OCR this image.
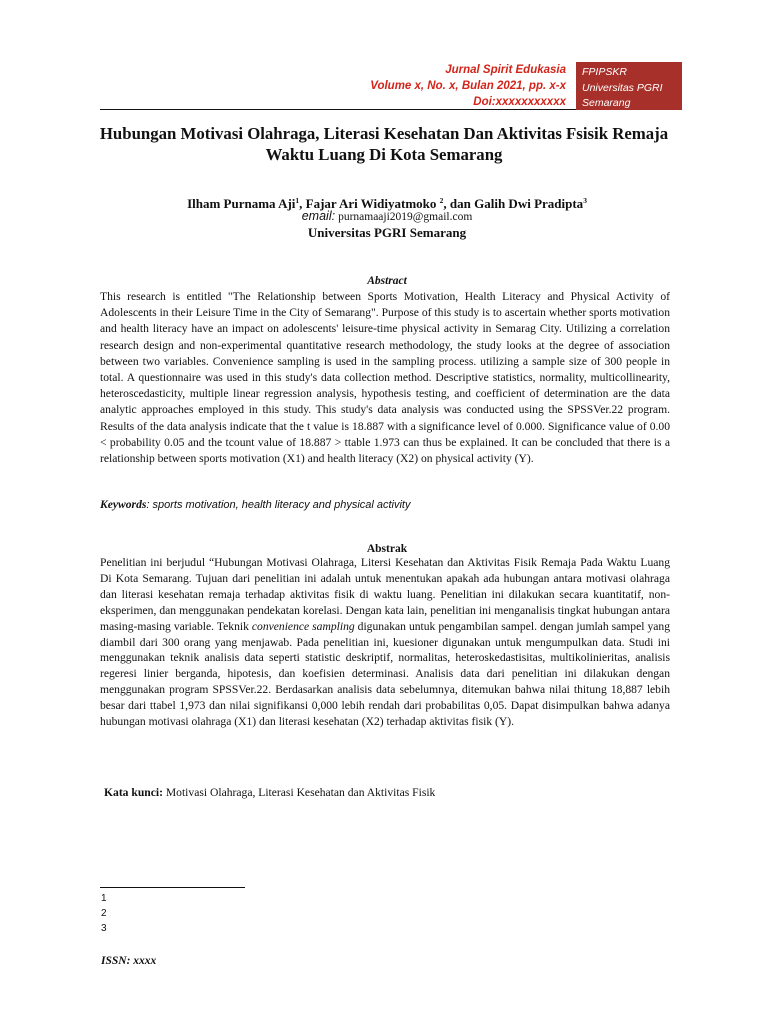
Jurnal Spirit Edukasia
Volume x, No. x, Bulan 2021, pp. x-x
Doi:xxxxxxxxxxx
FPIPSKR
Universitas PGRI
Semarang
Hubungan Motivasi Olahraga, Literasi Kesehatan Dan Aktivitas Fsisik Remaja
Waktu Luang Di Kota Semarang
Ilham Purnama Aji$^1$, Fajar Ari Widiyatmoko $^2$, dan Galih Dwi Pradipta$^3$
email: purnamaaji2019@gmail.com
Universitas PGRI Semarang
Abstract
This research is entitled "The Relationship between Sports Motivation, Health Literacy and Physical Activity of Adolescents in their Leisure Time in the City of Semarang". Purpose of this study is to ascertain whether sports motivation and health literacy have an impact on adolescents' leisure-time physical activity in Semarag City. Utilizing a correlation research design and non-experimental quantitative research methodology, the study looks at the degree of association between two variables. Convenience sampling is used in the sampling process. utilizing a sample size of 300 people in total. A questionnaire was used in this study's data collection method. Descriptive statistics, normality, multicollinearity, heteroscedasticity, multiple linear regression analysis, hypothesis testing, and coefficient of determination are the data analytic approaches employed in this study. This study's data analysis was conducted using the SPSSVer.22 program. Results of the data analysis indicate that the t value is 18.887 with a significance level of 0.000. Significance value of 0.00 < probability 0.05 and the tcount value of 18.887 > ttable 1.973 can thus be explained. It can be concluded that there is a relationship between sports motivation (X1) and health literacy (X2) on physical activity (Y).
Keywords: sports motivation, health literacy and physical activity
Abstrak
Penelitian ini berjudul “Hubungan Motivasi Olahraga, Litersi Kesehatan dan Aktivitas Fisik Remaja Pada Waktu Luang Di Kota Semarang. Tujuan dari penelitian ini adalah untuk menentukan apakah ada hubungan antara motivasi olahraga dan literasi kesehatan remaja terhadap aktivitas fisik di waktu luang. Penelitian ini dilakukan secara kuantitatif, non-eksperimen, dan menggunakan pendekatan korelasi. Dengan kata lain, penelitian ini menganalisis tingkat hubungan antara masing-masing variable. Teknik convenience sampling digunakan untuk pengambilan sampel. dengan jumlah sampel yang diambil dari 300 orang yang menjawab. Pada penelitian ini, kuesioner digunakan untuk mengumpulkan data. Studi ini menggunakan teknik analisis data seperti statistic deskriptif, normalitas, heteroskedastisitas, multikolinieritas, analisis regeresi linier berganda, hipotesis, dan koefisien determinasi. Analisis data dari penelitian ini dilakukan dengan menggunakan program SPSSVer.22. Berdasarkan analisis data sebelumnya, ditemukan bahwa nilai thitung 18,887 lebih besar dari ttabel 1,973 dan nilai signifikansi 0,000 lebih rendah dari probabilitas 0,05. Dapat disimpulkan bahwa adanya hubungan motivasi olahraga (X1) dan literasi kesehatan (X2) terhadap aktivitas fisik (Y).
Kata kunci: Motivasi Olahraga, Literasi Kesehatan dan Aktivitas Fisik
1
2
3
ISSN: xxxx
